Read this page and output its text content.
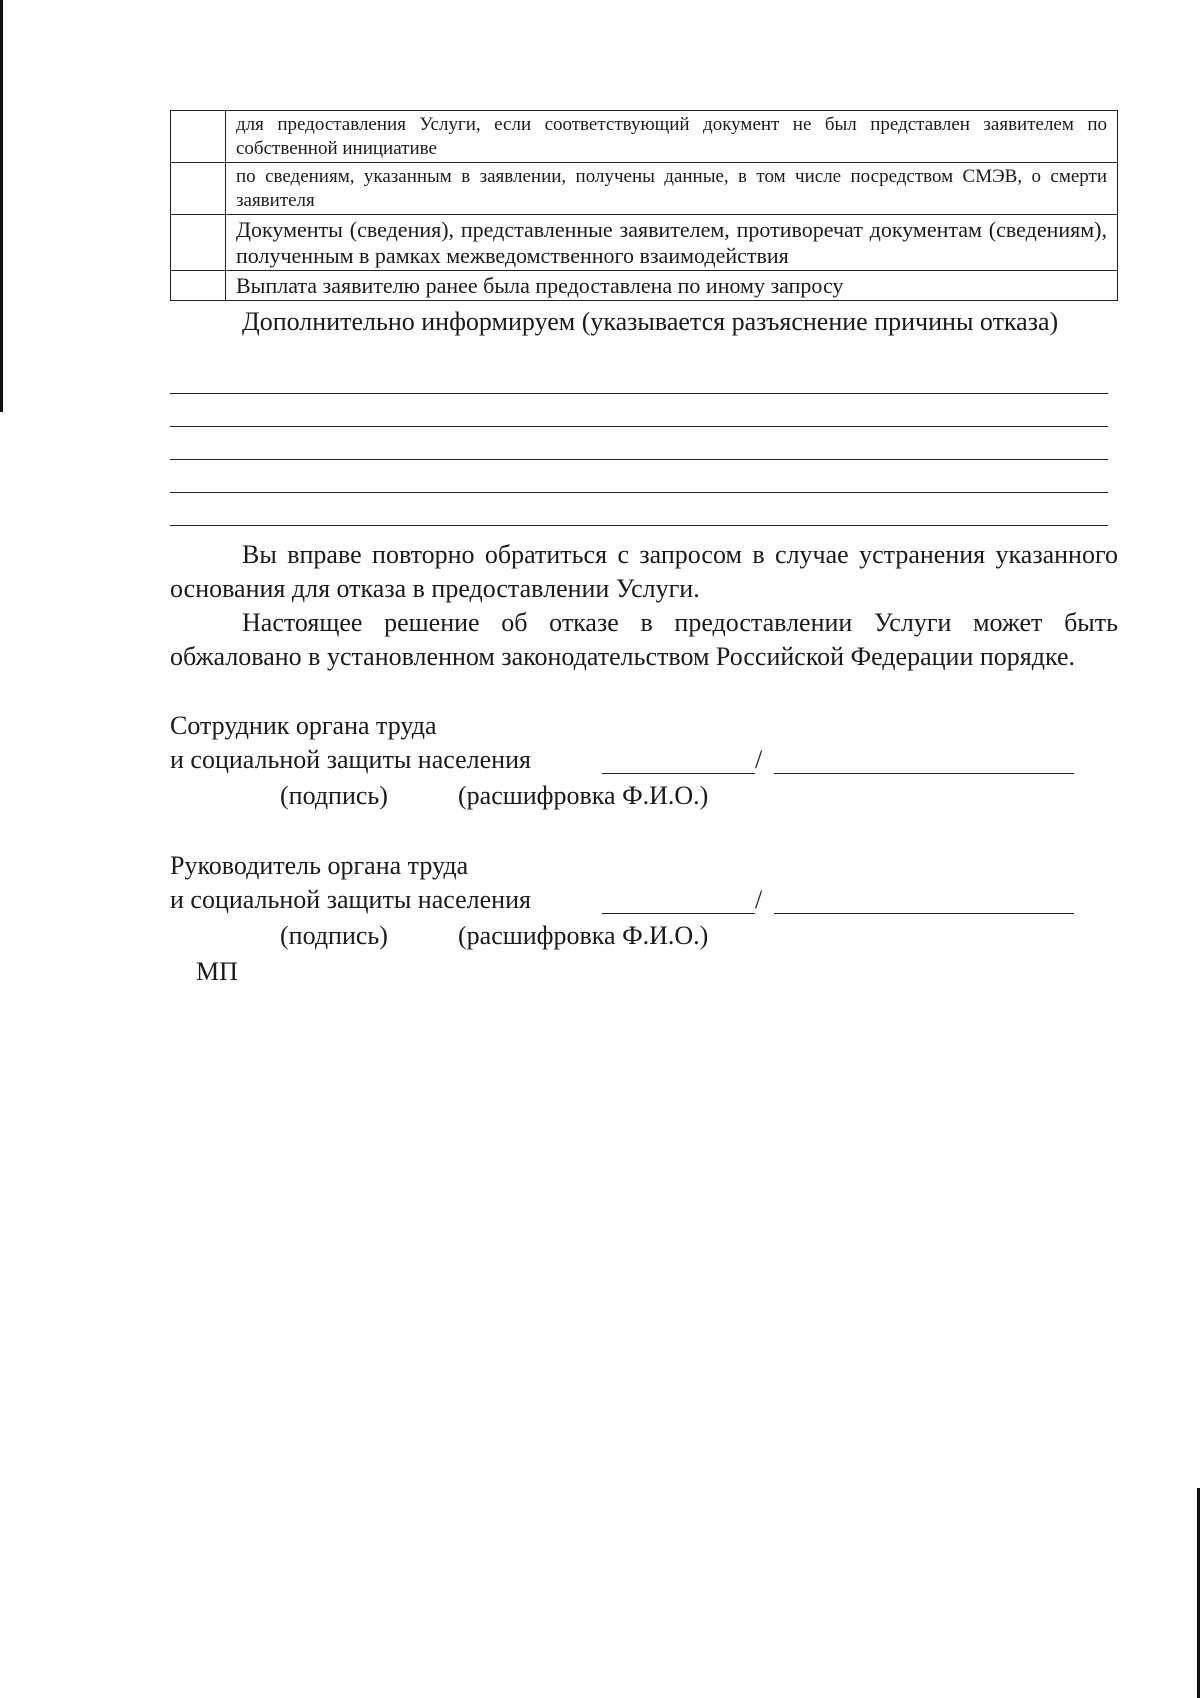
	для предоставления Услуги, если соответствующий документ не был представлен заявителем по собственной инициативе
	по сведениям, указанным в заявлении, получены данные, в том числе посредством СМЭВ, о смерти заявителя
	Документы (сведения), представленные заявителем, противоречат документам (сведениям), полученным в рамках межведомственного взаимодействия
	Выплата заявителю ранее была предоставлена по иному запросу

Дополнительно информируем (указывается разъяснение причины отказа)

Вы вправе повторно обратиться с запросом в случае устранения указанного основания для отказа в предоставлении Услуги.

Настоящее решение об отказе в предоставлении Услуги может быть обжаловано в установленном законодательством Российской Федерации порядке.

Сотрудник органа труда
и социальной защиты населения	/
(подпись)	(расшифровка Ф.И.О.)
Руководитель органа труда
и социальной защиты населения	/
(подпись)	(расшифровка Ф.И.О.)
МП
